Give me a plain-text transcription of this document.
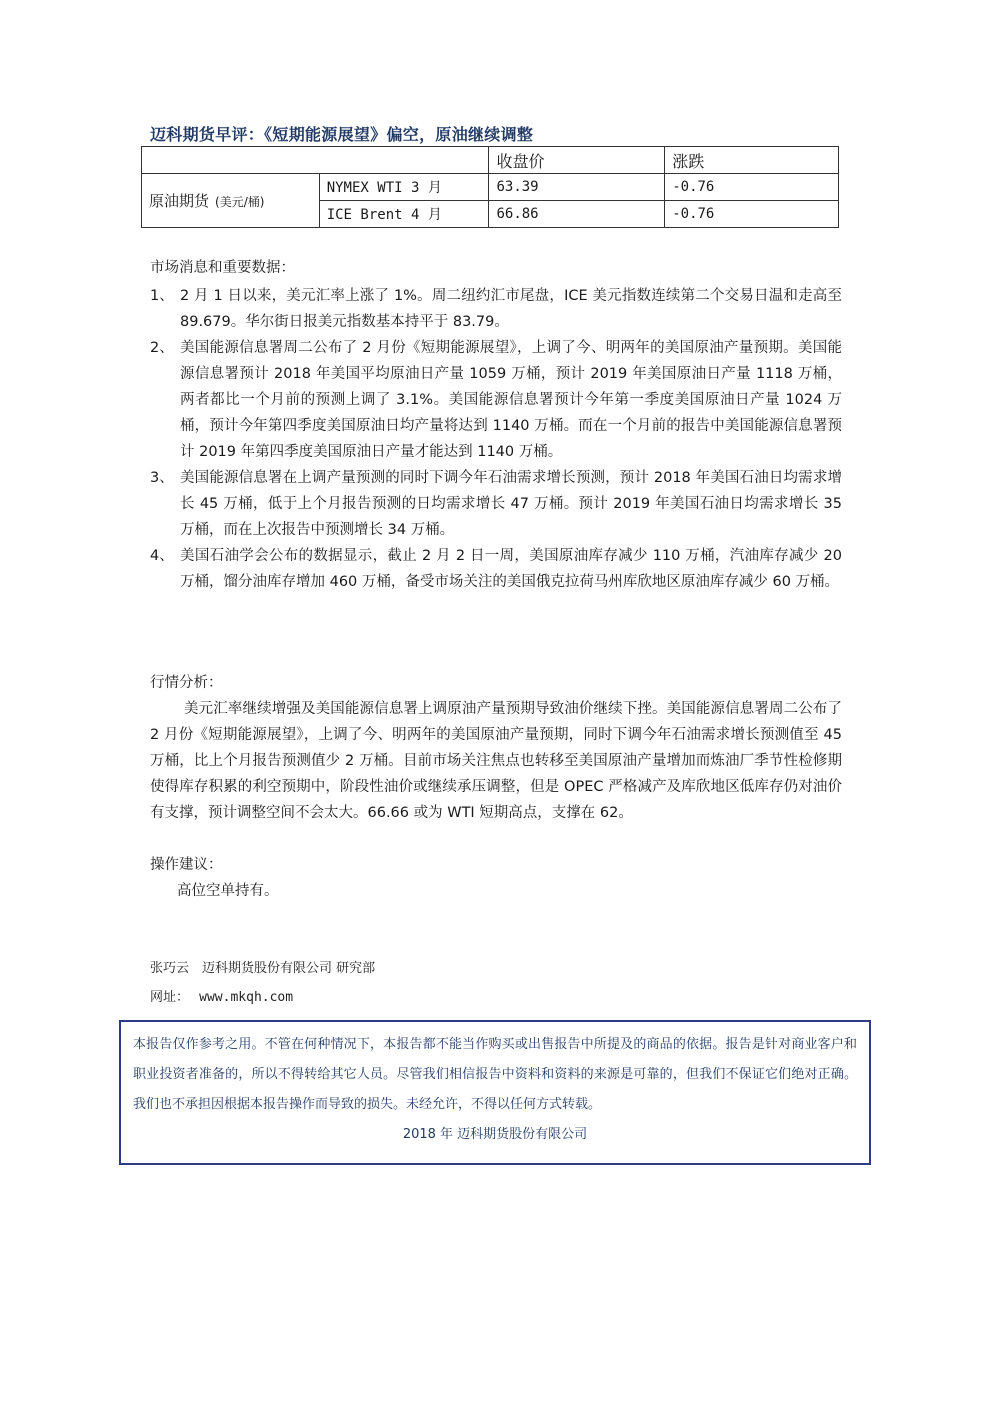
迈科期货早评：《短期能源展望》偏空，原油继续调整
		收盘价	涨跌
原油期货 (美元/桶)	NYMEX WTI 3 月	63.39	-0.76
	ICE Brent 4 月	66.86	-0.76
市场消息和重要数据：
1、 2 月 1 日以来，美元汇率上涨了 1%。周二纽约汇市尾盘，ICE 美元指数连续第二个交易日温和走高至 89.679。华尔街日报美元指数基本持平于 83.79。
2、 美国能源信息署周二公布了 2 月份《短期能源展望》，上调了今、明两年的美国原油产量预期。美国能源信息署预计 2018 年美国平均原油日产量 1059 万桶，预计 2019 年美国原油日产量 1118 万桶，两者都比一个月前的预测上调了 3.1%。美国能源信息署预计今年第一季度美国原油日产量 1024 万桶，预计今年第四季度美国原油日均产量将达到 1140 万桶。而在一个月前的报告中美国能源信息署预计 2019 年第四季度美国原油日产量才能达到 1140 万桶。
3、 美国能源信息署在上调产量预测的同时下调今年石油需求增长预测，预计 2018 年美国石油日均需求增长 45 万桶，低于上个月报告预测的日均需求增长 47 万桶。预计 2019 年美国石油日均需求增长 35 万桶，而在上次报告中预测增长 34 万桶。
4、 美国石油学会公布的数据显示，截止 2 月 2 日一周，美国原油库存减少 110 万桶，汽油库存减少 20 万桶，馏分油库存增加 460 万桶，备受市场关注的美国俄克拉荷马州库欣地区原油库存减少 60 万桶。
行情分析：
美元汇率继续增强及美国能源信息署上调原油产量预期导致油价继续下挫。美国能源信息署周二公布了 2 月份《短期能源展望》，上调了今、明两年的美国原油产量预期，同时下调今年石油需求增长预测值至 45 万桶，比上个月报告预测值少 2 万桶。目前市场关注焦点也转移至美国原油产量增加而炼油厂季节性检修期使得库存积累的利空预期中，阶段性油价或继续承压调整，但是 OPEC 严格减产及库欣地区低库存仍对油价有支撑，预计调整空间不会太大。66.66 或为 WTI 短期高点，支撑在 62。
操作建议：
高位空单持有。
张巧云　迈科期货股份有限公司 研究部
网址： www.mkqh.com
本报告仅作参考之用。不管在何种情况下，本报告都不能当作购买或出售报告中所提及的商品的依据。报告是针对商业客户和职业投资者准备的，所以不得转给其它人员。尽管我们相信报告中资料和资料的来源是可靠的，但我们不保证它们绝对正确。我们也不承担因根据本报告操作而导致的损失。未经允许，不得以任何方式转载。
2018 年 迈科期货股份有限公司
